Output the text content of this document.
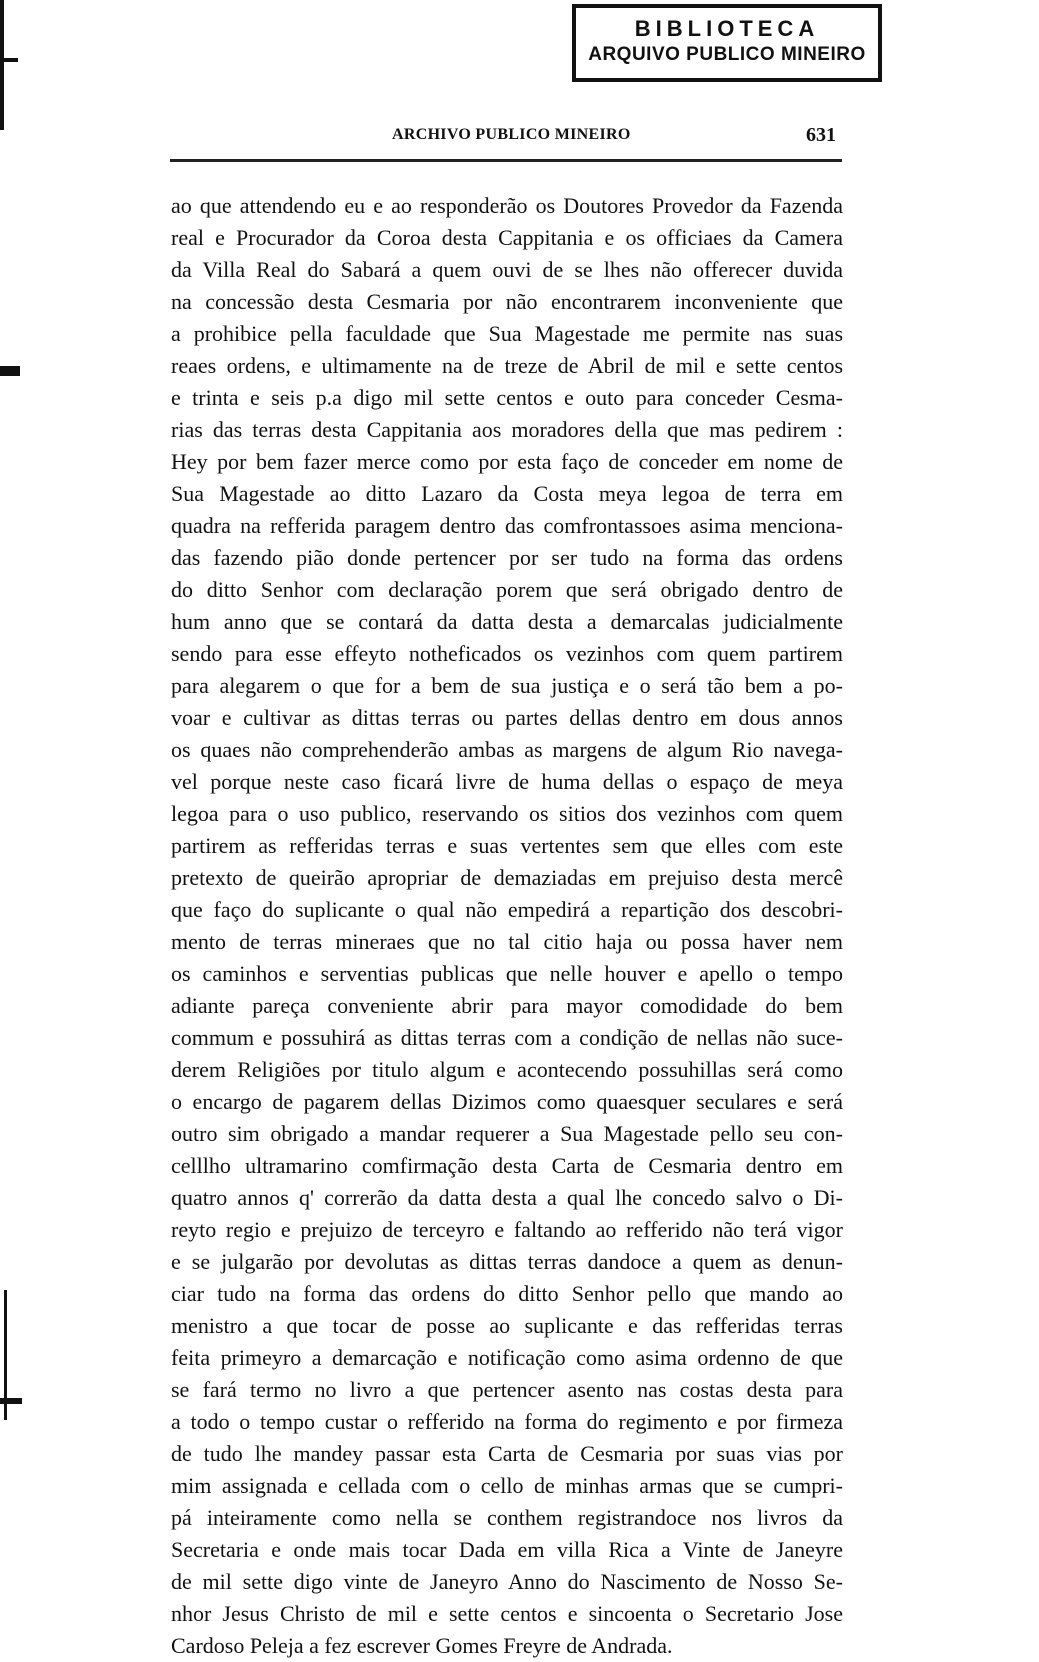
BIBLIOTECA
ARQUIVO PUBLICO MINEIRO
ARCHIVO PUBLICO MINEIRO	631
ao que attendendo eu e ao responderão os Doutores Provedor da Fazenda
real e Procurador da Coroa desta Cappitania e os officiaes da Camera
da Villa Real do Sabará a quem ouvi de se lhes não offerecer duvida
na concessão desta Cesmaria por não encontrarem inconveniente que
a prohibice pella faculdade que Sua Magestade me permite nas suas
reaes ordens, e ultimamente na de treze de Abril de mil e sette centos
e trinta e seis p.a digo mil sette centos e outo para conceder Cesma-
rias das terras desta Cappitania aos moradores della que mas pedirem :
Hey por bem fazer merce como por esta faço de conceder em nome de
Sua Magestade ao ditto Lazaro da Costa meya legoa de terra em
quadra na refferida paragem dentro das comfrontassoes asima menciona-
das fazendo pião donde pertencer por ser tudo na forma das ordens
do ditto Senhor com declaração porem que será obrigado dentro de
hum anno que se contará da datta desta a demarcalas judicialmente
sendo para esse effeyto notheficados os vezinhos com quem partirem
para alegarem o que for a bem de sua justiça e o será tão bem a po-
voar e cultivar as dittas terras ou partes dellas dentro em dous annos
os quaes não comprehenderão ambas as margens de algum Rio navega-
vel porque neste caso ficará livre de huma dellas o espaço de meya
legoa para o uso publico, reservando os sitios dos vezinhos com quem
partirem as refferidas terras e suas vertentes sem que elles com este
pretexto de queirão apropriar de demaziadas em prejuiso desta mercê
que faço do suplicante o qual não empedirá a repartição dos descobri-
mento de terras mineraes que no tal citio haja ou possa haver nem
os caminhos e serventias publicas que nelle houver e apello o tempo
adiante pareça conveniente abrir para mayor comodidade do bem
commum e possuhirá as dittas terras com a condição de nellas não suce-
derem Religiões por titulo algum e acontecendo possuhillas será como
o encargo de pagarem dellas Dizimos como quaesquer seculares e será
outro sim obrigado a mandar requerer a Sua Magestade pello seu con-
celllho ultramarino comfirmação desta Carta de Cesmaria dentro em
quatro annos q' correrão da datta desta a qual lhe concedo salvo o Di-
reyto regio e prejuizo de terceyro e faltando ao refferido não terá vigor
e se julgarão por devolutas as dittas terras dandoce a quem as denun-
ciar tudo na forma das ordens do ditto Senhor pello que mando ao
menistro a que tocar de posse ao suplicante e das refferidas terras
feita primeyro a demarcação e notificação como asima ordenno de que
se fará termo no livro a que pertencer asento nas costas desta para
a todo o tempo custar o refferido na forma do regimento e por firmeza
de tudo lhe mandey passar esta Carta de Cesmaria por suas vias por
mim assignada e cellada com o cello de minhas armas que se cumpri-
pá inteiramente como nella se conthem registrandoce nos livros da
Secretaria e onde mais tocar Dada em villa Rica a Vinte de Janeyre
de mil sette digo vinte de Janeyro Anno do Nascimento de Nosso Se-
nhor Jesus Christo de mil e sette centos e sincoenta o Secretario Jose
Cardoso Peleja a fez escrever Gomes Freyre de Andrada.
